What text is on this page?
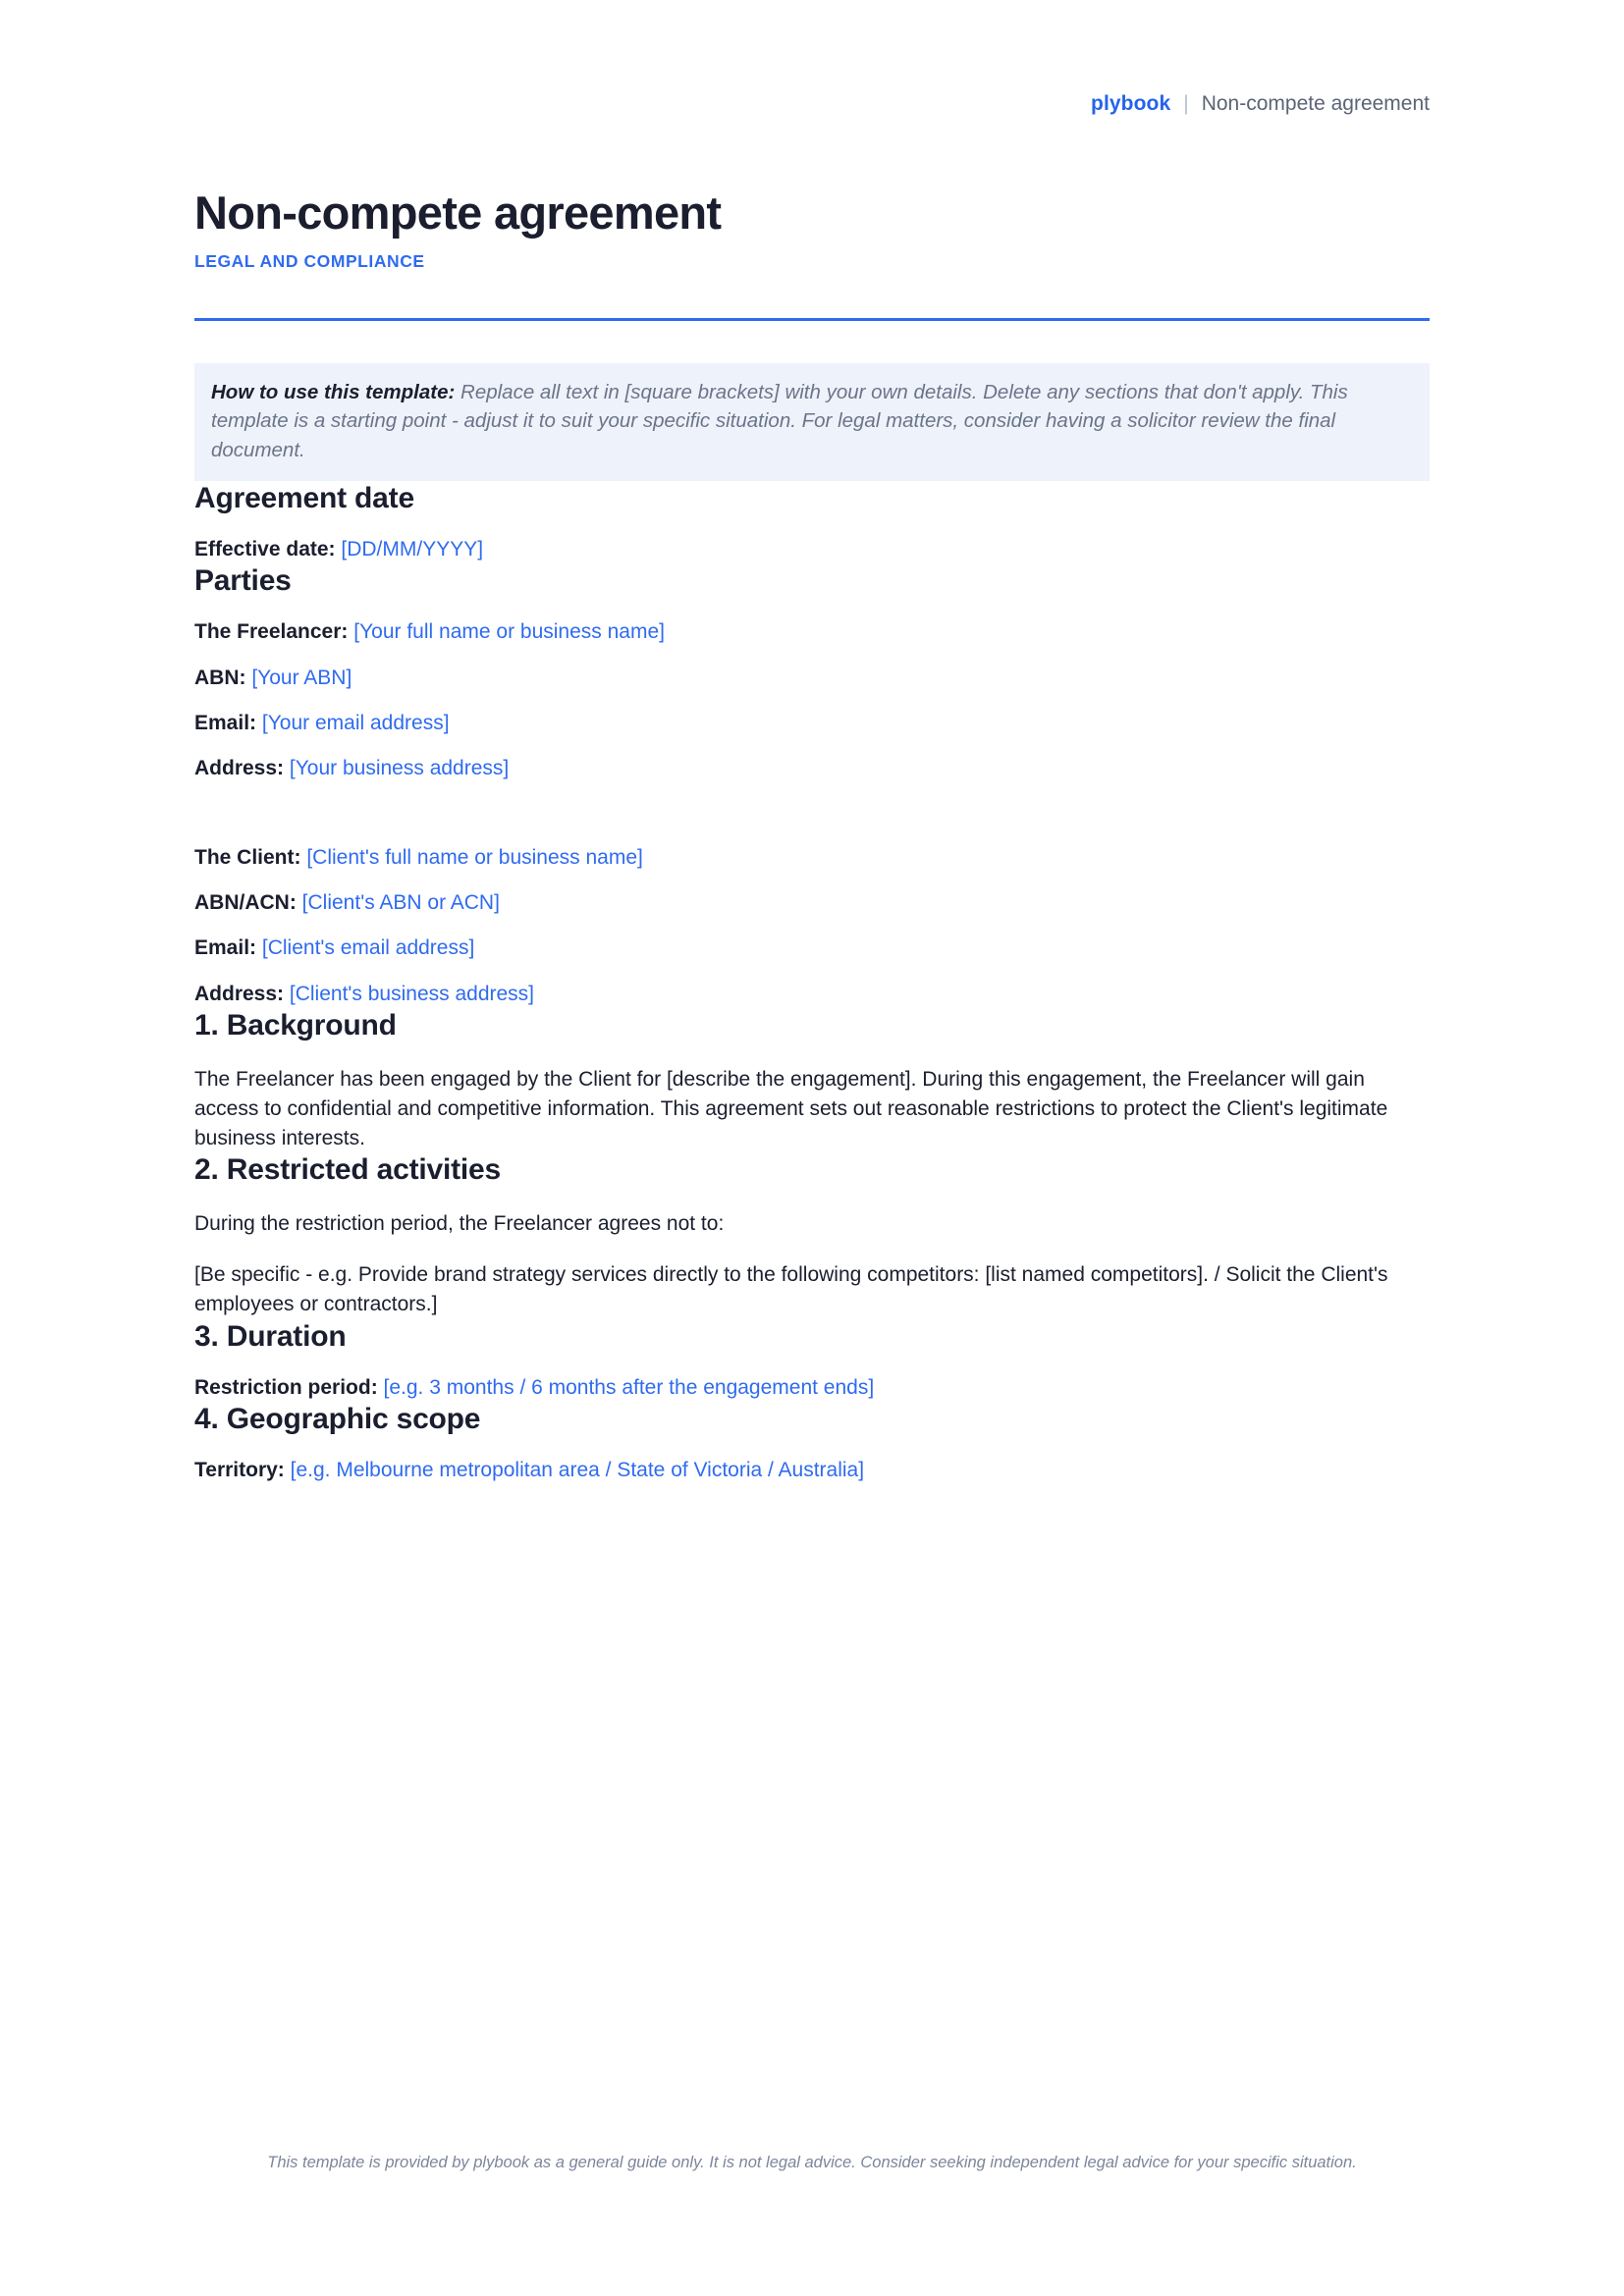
plybook | Non-compete agreement
Non-compete agreement
LEGAL AND COMPLIANCE
How to use this template: Replace all text in [square brackets] with your own details. Delete any sections that don't apply. This template is a starting point - adjust it to suit your specific situation. For legal matters, consider having a solicitor review the final document.
Agreement date
Effective date: [DD/MM/YYYY]
Parties
The Freelancer: [Your full name or business name]
ABN: [Your ABN]
Email: [Your email address]
Address: [Your business address]
The Client: [Client's full name or business name]
ABN/ACN: [Client's ABN or ACN]
Email: [Client's email address]
Address: [Client's business address]
1. Background

The Freelancer has been engaged by the Client for [describe the engagement]. During this engagement, the Freelancer will gain access to confidential and competitive information. This agreement sets out reasonable restrictions to protect the Client's legitimate business interests.

2. Restricted activities

During the restriction period, the Freelancer agrees not to:

[Be specific - e.g. Provide brand strategy services directly to the following competitors: [list named competitors]. / Solicit the Client's employees or contractors.]

3. Duration
Restriction period: [e.g. 3 months / 6 months after the engagement ends]
4. Geographic scope
Territory: [e.g. Melbourne metropolitan area / State of Victoria / Australia]
This template is provided by plybook as a general guide only. It is not legal advice. Consider seeking independent legal advice for your specific situation.
